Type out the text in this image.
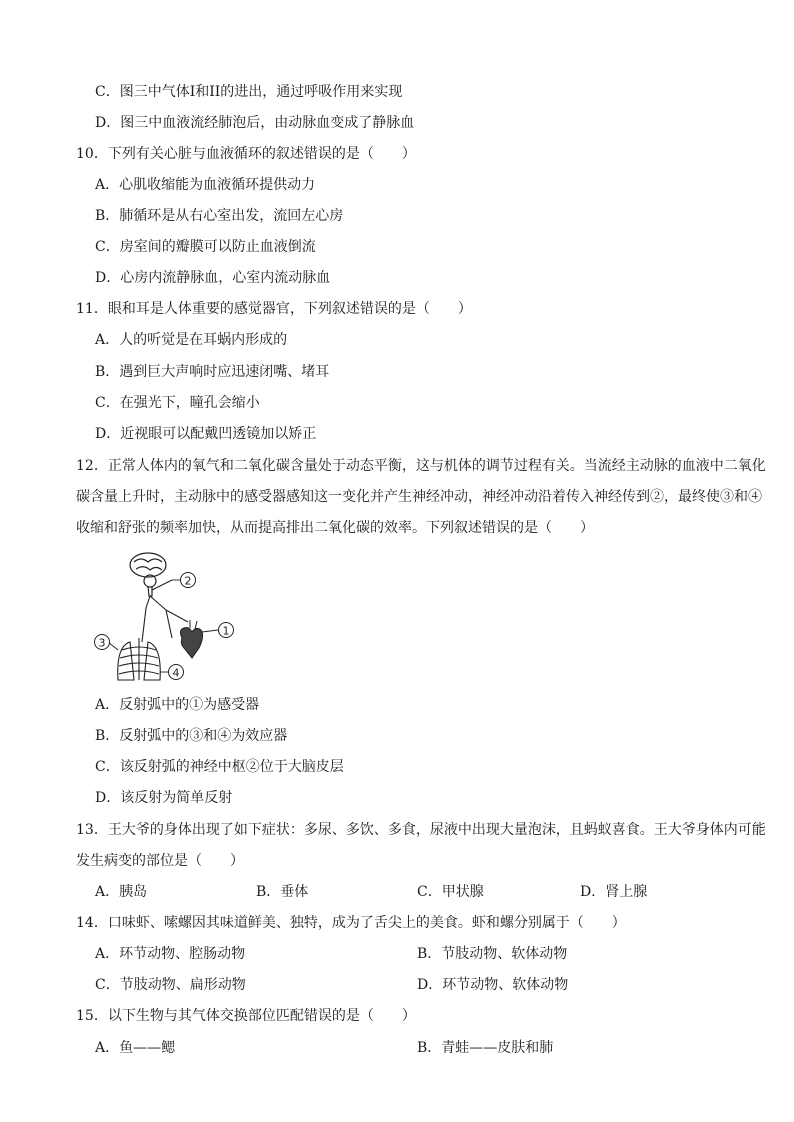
C．图三中气体I和II的进出，通过呼吸作用来实现
D．图三中血液流经肺泡后，由动脉血变成了静脉血
10．下列有关心脏与血液循环的叙述错误的是（　　）
A．心肌收缩能为血液循环提供动力
B．肺循环是从右心室出发，流回左心房
C．房室间的瓣膜可以防止血液倒流
D．心房内流静脉血，心室内流动脉血
11．眼和耳是人体重要的感觉器官，下列叙述错误的是（　　）
A．人的听觉是在耳蜗内形成的
B．遇到巨大声响时应迅速闭嘴、堵耳
C．在强光下，瞳孔会缩小
D．近视眼可以配戴凹透镜加以矫正
12．正常人体内的氧气和二氧化碳含量处于动态平衡，这与机体的调节过程有关。当流经主动脉的血液中二氧化碳含量上升时，主动脉中的感受器感知这一变化并产生神经冲动，神经冲动沿着传入神经传到②，最终使③和④收缩和舒张的频率加快，从而提高排出二氧化碳的效率。下列叙述错误的是（　　）
2
1
3
4
A．反射弧中的①为感受器
B．反射弧中的③和④为效应器
C．该反射弧的神经中枢②位于大脑皮层
D．该反射为简单反射
13．王大爷的身体出现了如下症状：多尿、多饮、多食，尿液中出现大量泡沫，且蚂蚁喜食。王大爷身体内可能发生病变的部位是（　　）
A．胰岛	B．垂体	C．甲状腺	D．肾上腺
14．口味虾、嗦螺因其味道鲜美、独特，成为了舌尖上的美食。虾和螺分别属于（　　）
A．环节动物、腔肠动物	B．节肢动物、软体动物
C．节肢动物、扁形动物	D．环节动物、软体动物
15．以下生物与其气体交换部位匹配错误的是（　　）
A．鱼——鳃	B．青蛙——皮肤和肺
